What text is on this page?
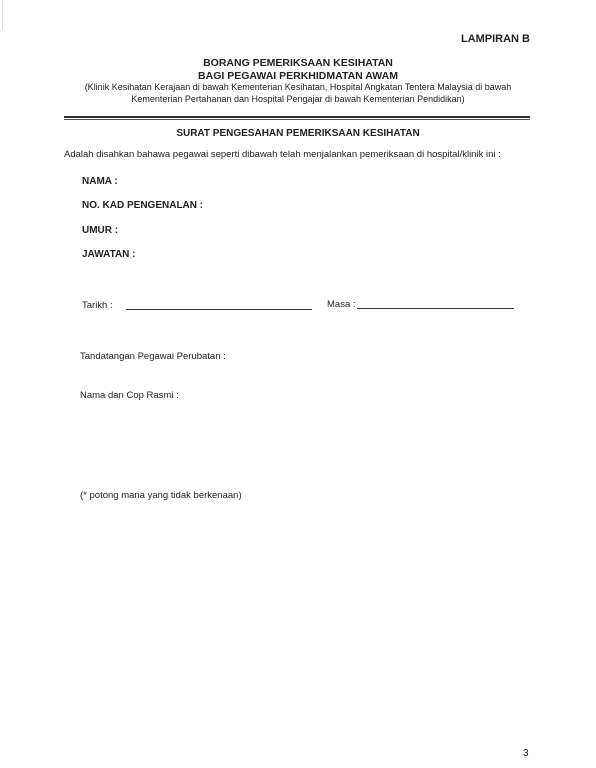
LAMPIRAN B
BORANG PEMERIKSAAN KESIHATAN
BAGI PEGAWAI PERKHIDMATAN AWAM
(Klinik Kesihatan Kerajaan di bawah Kementerian Kesihatan, Hospital Angkatan Tentera Malaysia di bawah
Kementerian Pertahanan dan Hospital Pengajar di bawah Kementerian Pendidikan)
SURAT PENGESAHAN PEMERIKSAAN KESIHATAN
Adalah disahkan bahawa pegawai seperti dibawah telah menjalankan pemeriksaan di hospital/klinik ini :
NAMA :
NO. KAD PENGENALAN :
UMUR :
JAWATAN :
Tarikh :	Masa :
Tandatangan Pegawai Perubatan :
Nama dan Cop Rasmi :
(* potong mana yang tidak berkenaan)
3
